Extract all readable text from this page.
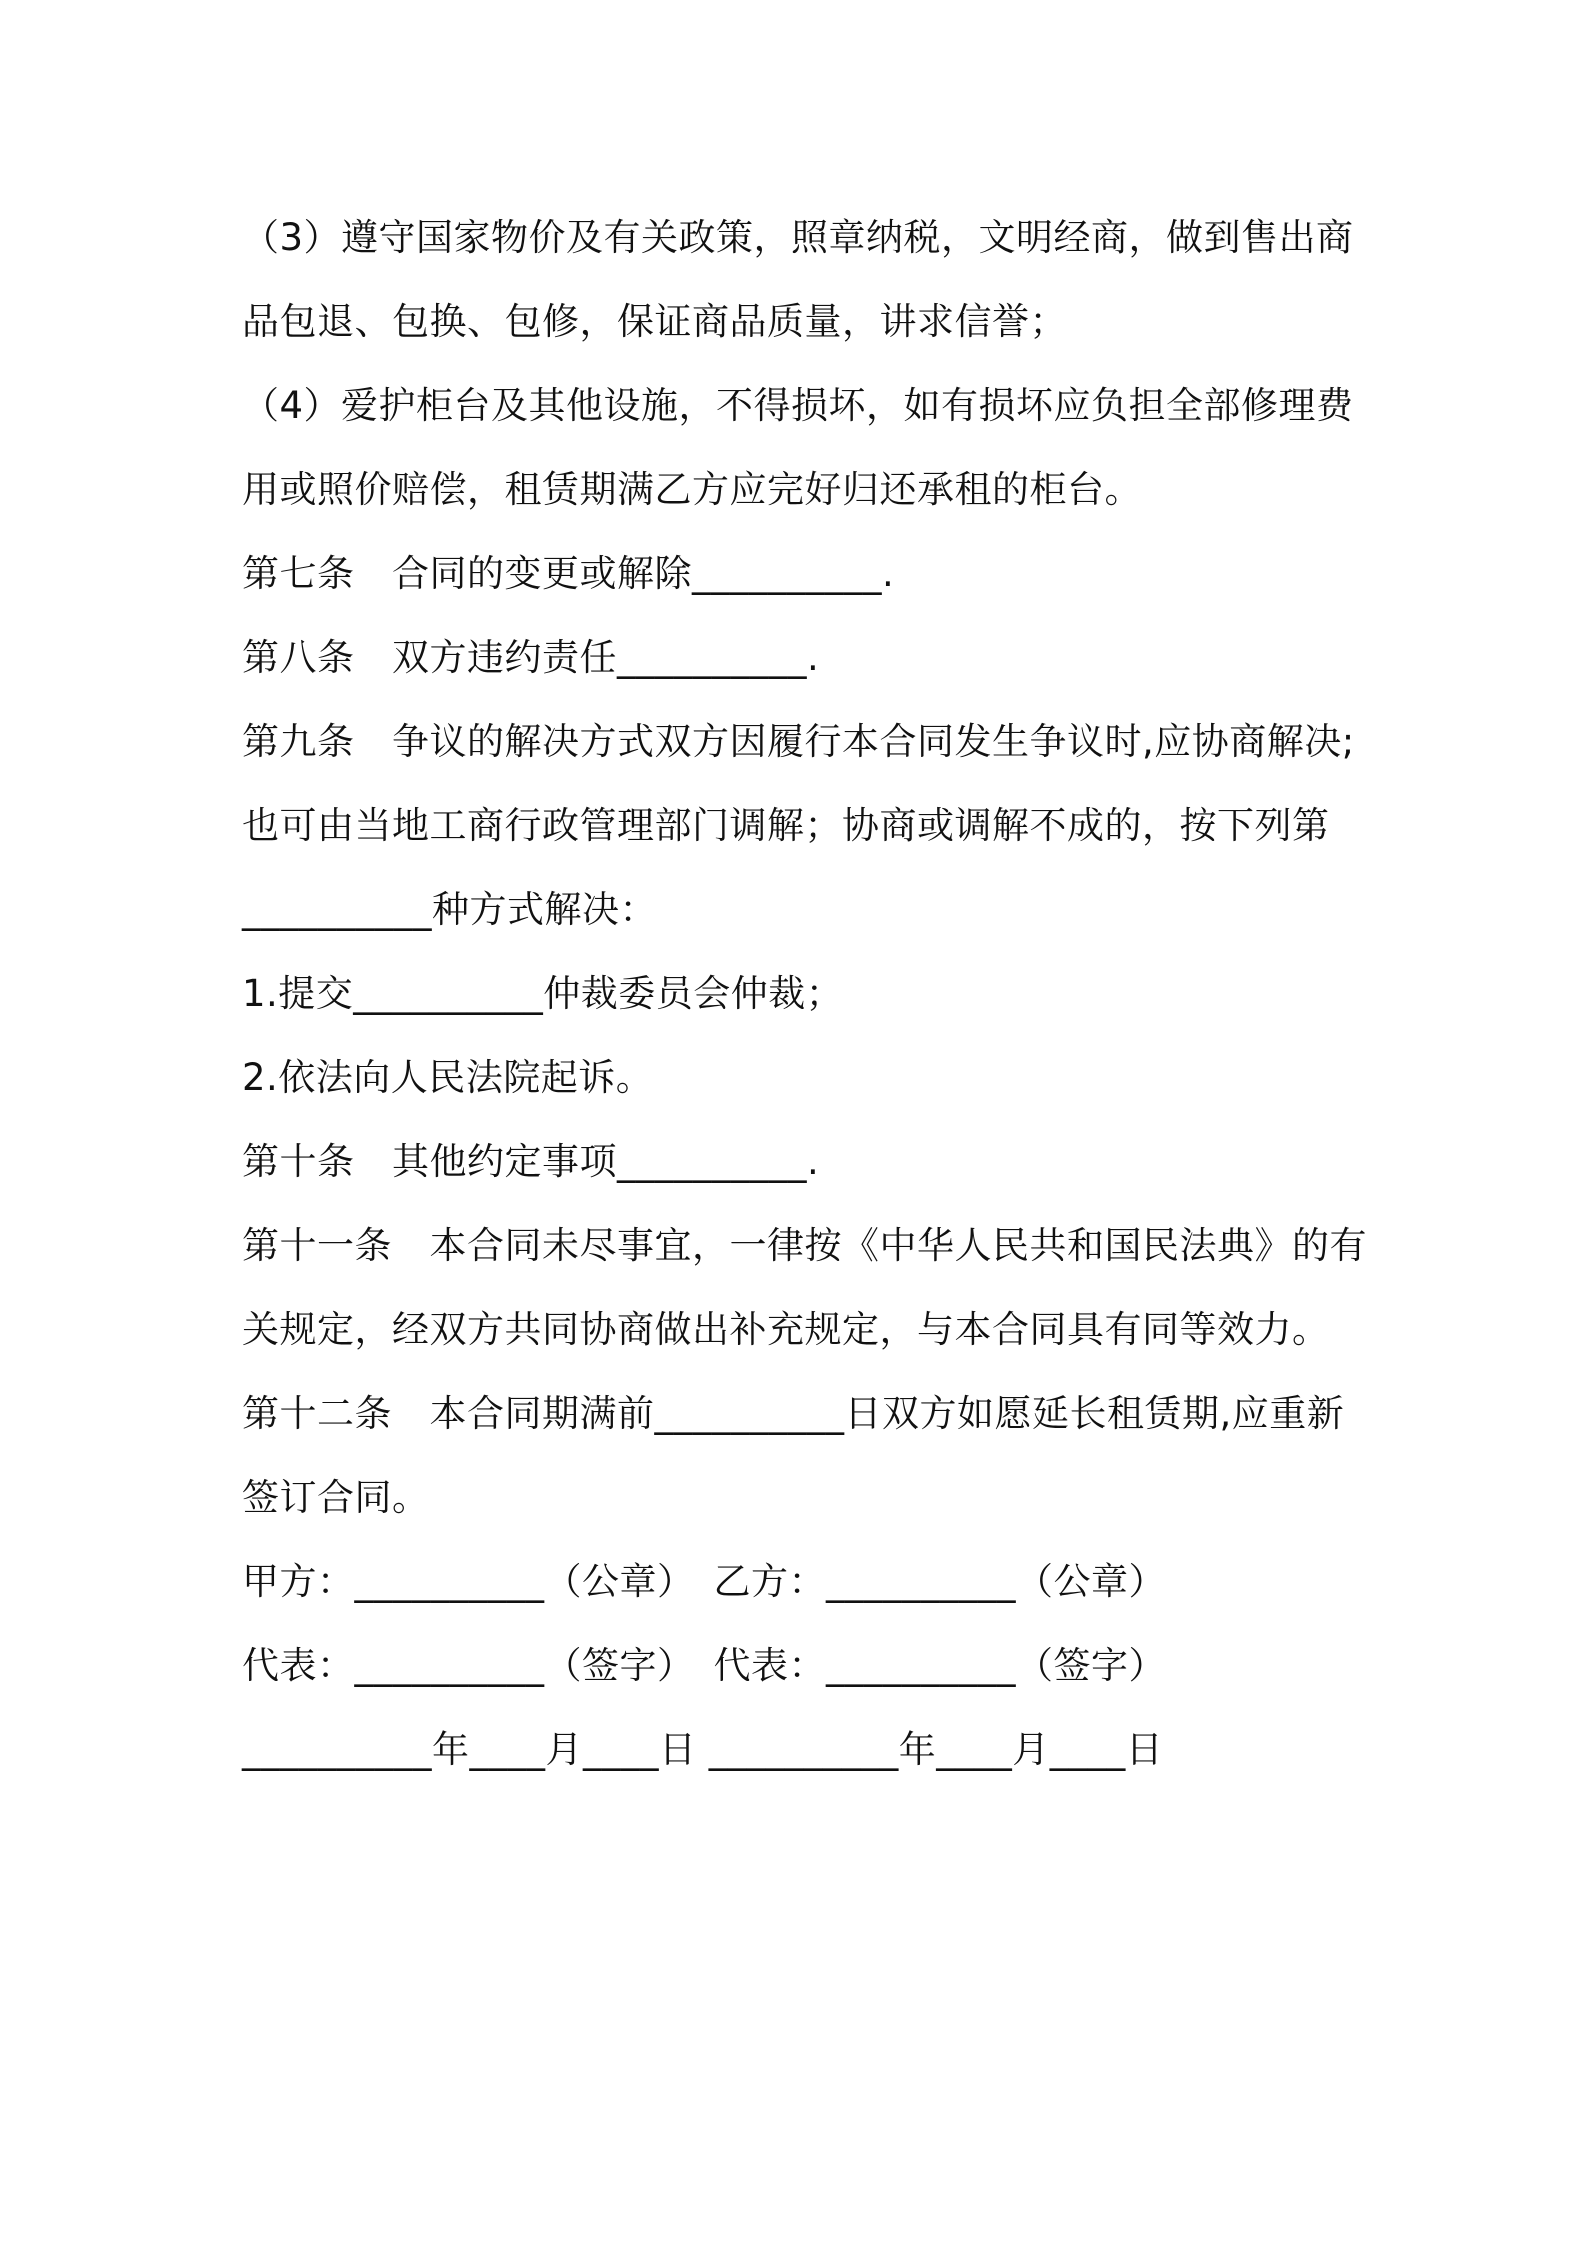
（3）遵守国家物价及有关政策，照章纳税，文明经商，做到售出商
品包退、包换、包修，保证商品质量，讲求信誉；
（4）爱护柜台及其他设施，不得损坏，如有损坏应负担全部修理费
用或照价赔偿，租赁期满乙方应完好归还承租的柜台。
第七条　合同的变更或解除__________.
第八条　双方违约责任__________.
第九条　争议的解决方式双方因履行本合同发生争议时,应协商解决;
也可由当地工商行政管理部门调解；协商或调解不成的，按下列第
__________种方式解决：
1.提交__________仲裁委员会仲裁；
2.依法向人民法院起诉。
第十条　其他约定事项__________.
第十一条　本合同未尽事宜，一律按《中华人民共和国民法典》的有
关规定，经双方共同协商做出补充规定，与本合同具有同等效力。
第十二条　本合同期满前__________日双方如愿延长租赁期,应重新
签订合同。
甲方：__________（公章）　乙方：__________（公章）
代表：__________（签字）　代表：__________（签字）
__________年____月____日 __________年____月____日
